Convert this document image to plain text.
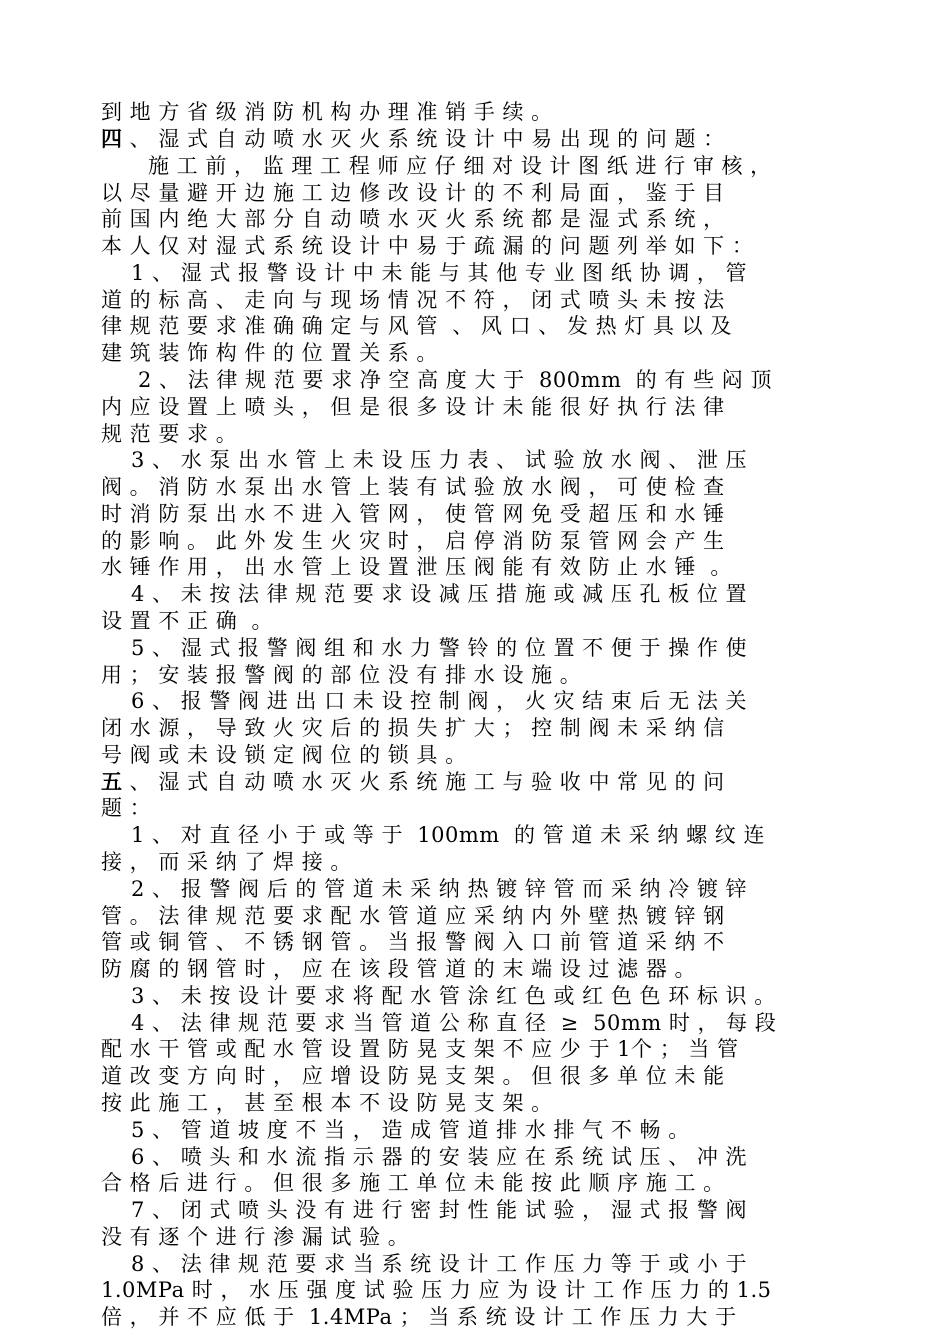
到 地 方 省 级 消 防 机 构 办 理 准 销 手 续 。
四 、 湿 式 自 动 喷 水 灭 火 系 统 设 计 中 易 出 现 的 问 题 ：
施 工 前 ， 监 理 工 程 师 应 仔 细 对 设 计 图 纸 进 行 审 核 ，
以 尽 量 避 开 边 施 工 边 修 改 设 计 的 不 利 局 面 ， 鉴 于 目
前 国 内 绝 大 部 分 自 动 喷 水 灭 火 系 统 都 是 湿 式 系 统 ，
本 人 仅 对 湿 式 系 统 设 计 中 易 于 疏 漏 的 问 题 列 举 如 下 ：
1 、 湿 式 报 警 设 计 中 未 能 与 其 他 专 业 图 纸 协 调 ， 管
道 的 标 高 、 走 向 与 现 场 情 况 不 符 ， 闭 式 喷 头 未 按 法
律 规 范 要 求 准 确 确 定 与 风 管  、 风 口 、 发 热 灯 具 以 及
建 筑 装 饰 构 件 的 位 置 关 系 。
2 、 法 律 规 范 要 求 净 空 高 度 大 于  800mm  的 有 些 闷 顶
内 应 设 置 上 喷 头 ， 但 是 很 多 设 计 未 能 很 好 执 行 法 律
规 范 要 求 。
3 、 水 泵 出 水 管 上 未 设 压 力 表 、 试 验 放 水 阀 、 泄 压
阀 。 消 防 水 泵 出 水 管 上 装 有 试 验 放 水 阀 ， 可 使 检 查
时 消 防 泵 出 水 不 进 入 管 网 ， 使 管 网 免 受 超 压 和 水 锤
的 影 响 。 此 外 发 生 火 灾 时 ， 启 停 消 防 泵 管 网 会 产 生
水 锤 作 用 ， 出 水 管 上 设 置 泄 压 阀 能 有 效 防 止 水 锤  。
4 、 未 按 法 律 规 范 要 求 设 减 压 措 施 或 减 压 孔 板 位 置
设 置 不 正 确  。
5 、 湿 式 报 警 阀 组 和 水 力 警 铃 的 位 置 不 便 于 操 作 使
用 ； 安 装 报 警 阀 的 部 位 没 有 排 水 设 施 。
6 、 报 警 阀 进 出 口 未 设 控 制 阀 ， 火 灾 结 束 后 无 法 关
闭 水 源 ， 导 致 火 灾 后 的 损 失 扩 大 ； 控 制 阀 未 采 纳 信
号 阀 或 未 设 锁 定 阀 位 的 锁 具 。
五 、 湿 式 自 动 喷 水 灭 火 系 统 施 工 与 验 收 中 常 见 的 问
题 ：
1 、 对 直 径 小 于 或 等 于  100mm  的 管 道 未 采 纳 螺 纹 连
接 ， 而 采 纳 了 焊 接 。
2 、 报 警 阀 后 的 管 道 未 采 纳 热 镀 锌 管 而 采 纳 冷 镀 锌
管 。 法 律 规 范 要 求 配 水 管 道 应 采 纳 内 外 壁 热 镀 锌 钢
管 或 铜 管 、 不 锈 钢 管 。 当 报 警 阀 入 口 前 管 道 采 纳 不
防 腐 的 钢 管 时 ， 应 在 该 段 管 道 的 末 端 设 过 滤 器 。
3 、 未 按 设 计 要 求 将 配 水 管 涂 红 色 或 红 色 色 环 标 识 。
4 、 法 律 规 范 要 求 当 管 道 公 称 直 径  ≥  50mm 时 ， 每 段
配 水 干 管 或 配 水 管 设 置 防 晃 支 架 不 应 少 于 1个 ； 当 管
道 改 变 方 向 时 ， 应 增 设 防 晃 支 架 。 但 很 多 单 位 未 能
按 此 施 工 ， 甚 至 根 本 不 设 防 晃 支 架 。
5 、 管 道 坡 度 不 当 ， 造 成 管 道 排 水 排 气 不 畅 。
6 、 喷 头 和 水 流 指 示 器 的 安 装 应 在 系 统 试 压 、 冲 洗
合 格 后 进 行 。 但 很 多 施 工 单 位 未 能 按 此 顺 序 施 工 。
7 、 闭 式 喷 头 没 有 进 行 密 封 性 能 试 验 ， 湿 式 报 警 阀
没 有 逐 个 进 行 渗 漏 试 验 。
8 、 法 律 规 范 要 求 当 系 统 设 计 工 作 压 力 等 于 或 小 于
1.0MPa 时 ， 水 压 强 度 试 验 压 力 应 为 设 计 工 作 压 力 的 1.5
倍 ， 并 不 应 低 于  1.4MPa ； 当 系 统 设 计 工 作 压 力 大 于
